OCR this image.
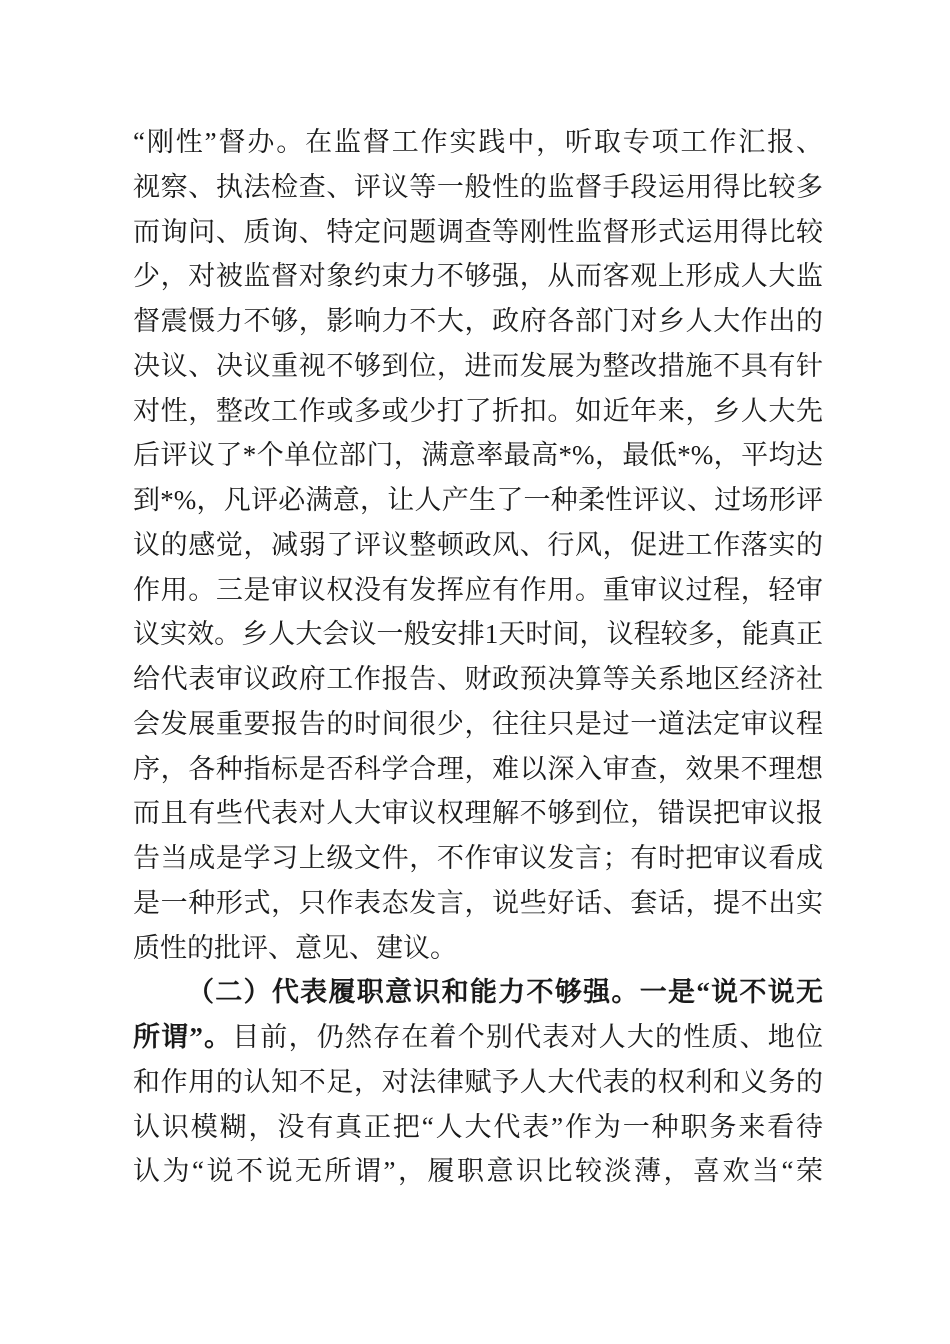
“刚性”督办。在监督工作实践中，听取专项工作汇报、
视察、执法检查、评议等一般性的监督手段运用得比较多
而询问、质询、特定问题调查等刚性监督形式运用得比较
少，对被监督对象约束力不够强，从而客观上形成人大监
督震慑力不够，影响力不大，政府各部门对乡人大作出的
决议、决议重视不够到位，进而发展为整改措施不具有针
对性，整改工作或多或少打了折扣。如近年来，乡人大先
后评议了*个单位部门，满意率最高*%，最低*%，平均达
到*%，凡评必满意，让人产生了一种柔性评议、过场形评
议的感觉，减弱了评议整顿政风、行风，促进工作落实的
作用。三是审议权没有发挥应有作用。重审议过程，轻审
议实效。乡人大会议一般安排1天时间，议程较多，能真正
给代表审议政府工作报告、财政预决算等关系地区经济社
会发展重要报告的时间很少，往往只是过一道法定审议程
序，各种指标是否科学合理，难以深入审查，效果不理想
而且有些代表对人大审议权理解不够到位，错误把审议报
告当成是学习上级文件，不作审议发言；有时把审议看成
是一种形式，只作表态发言，说些好话、套话，提不出实
质性的批评、意见、建议。
（二）代表履职意识和能力不够强。一是“说不说无
所谓”。目前，仍然存在着个别代表对人大的性质、地位
和作用的认知不足，对法律赋予人大代表的权利和义务的
认识模糊，没有真正把“人大代表”作为一种职务来看待
认为“说不说无所谓”，履职意识比较淡薄，喜欢当“荣
